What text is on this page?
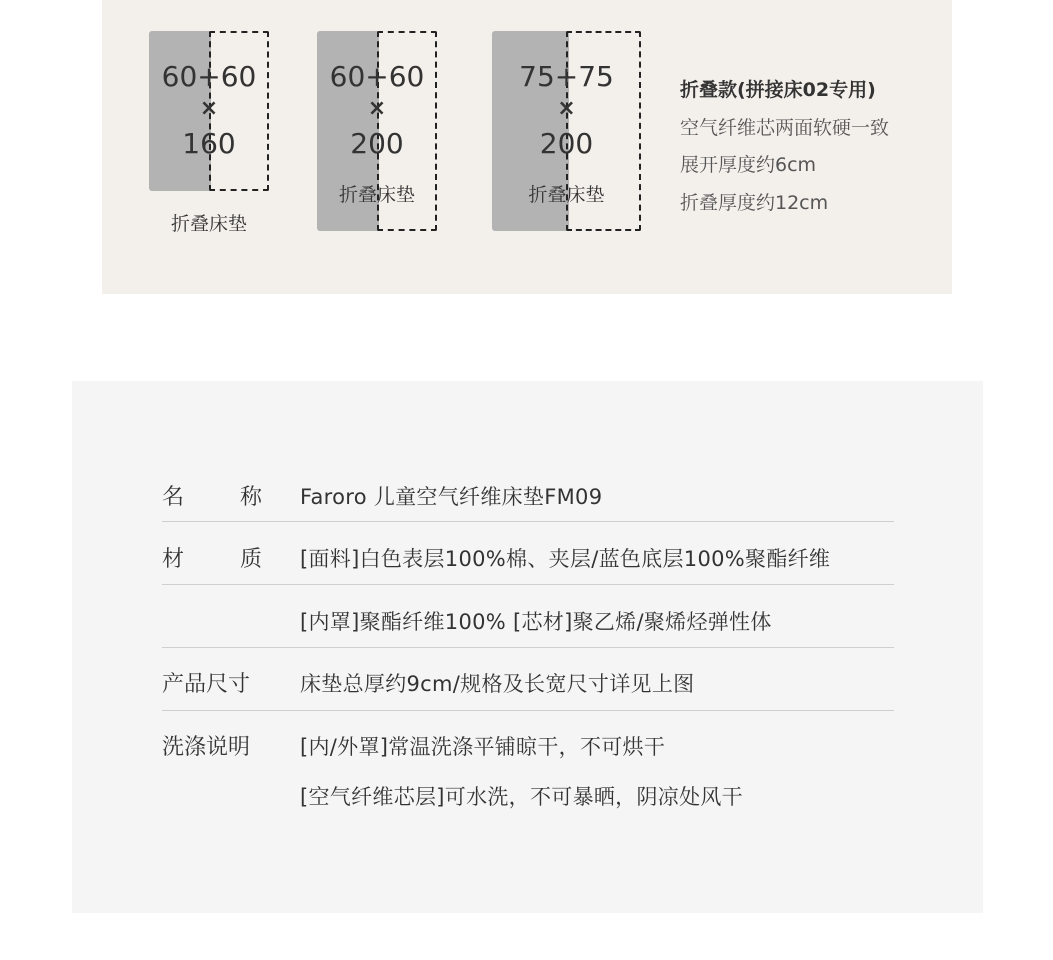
60+60
×
160
折叠床垫
60+60
×
200
折叠床垫
75+75
×
200
折叠床垫
折叠款(拼接床02专用)
空气纤维芯两面软硬一致
展开厚度约6cm
折叠厚度约12cm
名	称 Faroro 儿童空气纤维床垫FM09
材	质 [面料]白色表层100%棉、夹层/蓝色底层100%聚酯纤维
[内罩]聚酯纤维100% [芯材]聚乙烯/聚烯烃弹性体
产品尺寸	床垫总厚约9cm/规格及长宽尺寸详见上图
洗涤说明	[内/外罩]常温洗涤平铺晾干，不可烘干
[空气纤维芯层]可水洗，不可暴晒，阴凉处风干
